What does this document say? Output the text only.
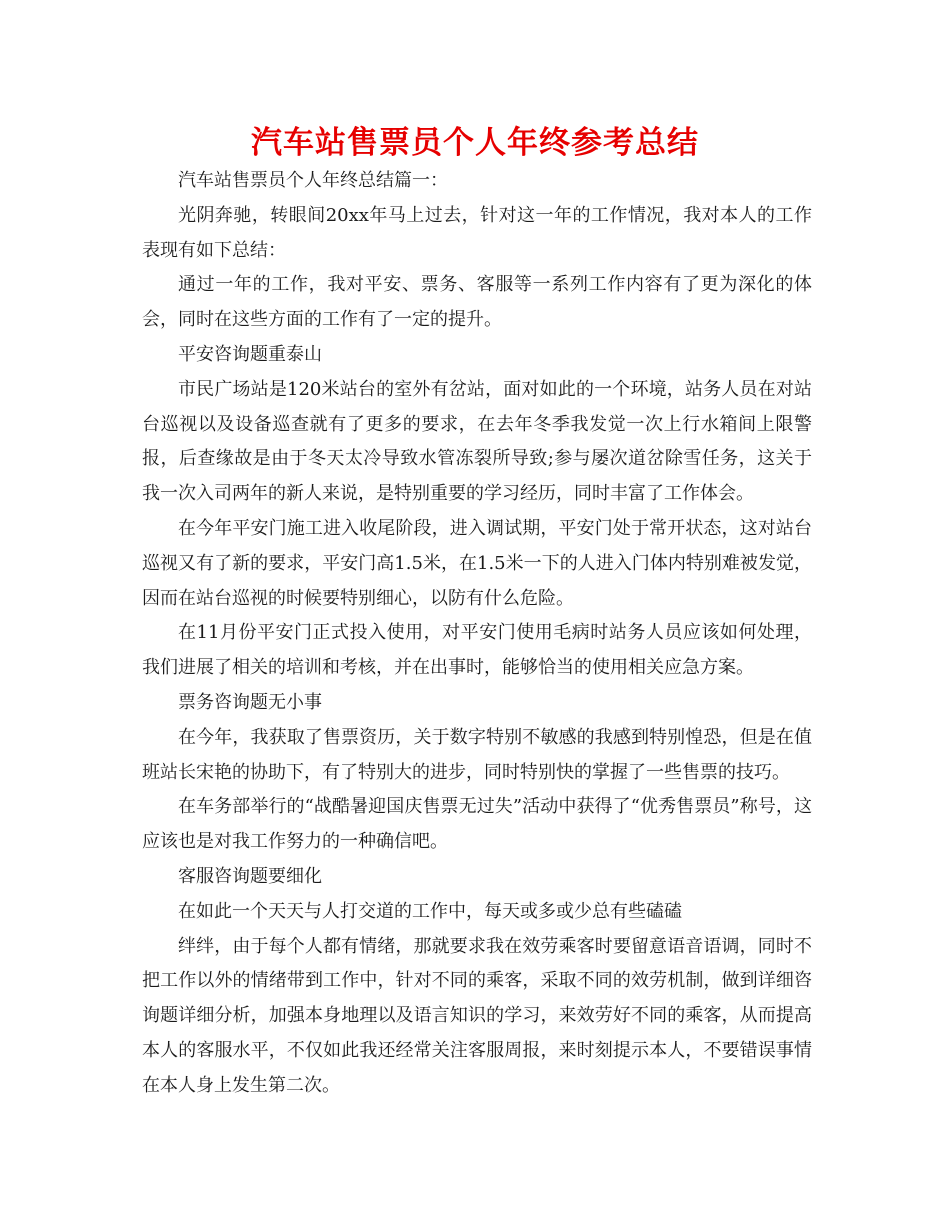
汽车站售票员个人年终参考总结

汽车站售票员个人年终总结篇一：

光阴奔驰，转眼间20xx年马上过去，针对这一年的工作情况，我对本人的工作表现有如下总结：

通过一年的工作，我对平安、票务、客服等一系列工作内容有了更为深化的体会，同时在这些方面的工作有了一定的提升。

平安咨询题重泰山

市民广场站是120米站台的室外有岔站，面对如此的一个环境，站务人员在对站台巡视以及设备巡查就有了更多的要求，在去年冬季我发觉一次上行水箱间上限警报，后查缘故是由于冬天太冷导致水管冻裂所导致;参与屡次道岔除雪任务，这关于我一次入司两年的新人来说，是特别重要的学习经历，同时丰富了工作体会。

在今年平安门施工进入收尾阶段，进入调试期，平安门处于常开状态，这对站台巡视又有了新的要求，平安门高1.5米，在1.5米一下的人进入门体内特别难被发觉，因而在站台巡视的时候要特别细心，以防有什么危险。

在11月份平安门正式投入使用，对平安门使用毛病时站务人员应该如何处理，我们进展了相关的培训和考核，并在出事时，能够恰当的使用相关应急方案。

票务咨询题无小事

在今年，我获取了售票资历，关于数字特别不敏感的我感到特别惶恐，但是在值班站长宋艳的协助下，有了特别大的进步，同时特别快的掌握了一些售票的技巧。

在车务部举行的“战酷暑迎国庆售票无过失”活动中获得了“优秀售票员”称号，这应该也是对我工作努力的一种确信吧。

客服咨询题要细化

在如此一个天天与人打交道的工作中，每天或多或少总有些磕磕

绊绊，由于每个人都有情绪，那就要求我在效劳乘客时要留意语音语调，同时不把工作以外的情绪带到工作中，针对不同的乘客，采取不同的效劳机制，做到详细咨询题详细分析，加强本身地理以及语言知识的学习，来效劳好不同的乘客，从而提高本人的客服水平，不仅如此我还经常关注客服周报，来时刻提示本人，不要错误事情在本人身上发生第二次。
